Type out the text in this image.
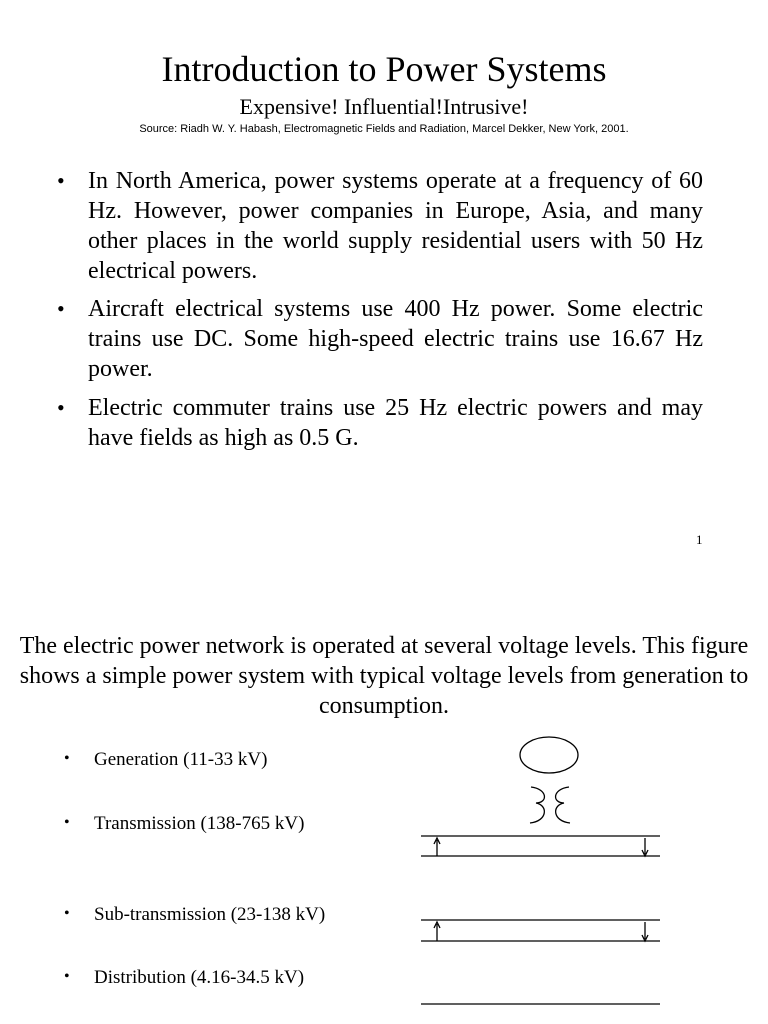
Introduction to Power Systems
Expensive! Influential!Intrusive!
Source: Riadh W. Y. Habash, Electromagnetic Fields and Radiation, Marcel Dekker, New York, 2001.
• In North America, power systems operate at a frequency of 60 Hz. However, power companies in Europe, Asia, and many other places in the world supply residential users with 50 Hz electrical powers.
• Aircraft electrical systems use 400 Hz power. Some electric trains use DC. Some high-speed electric trains use 16.67 Hz power.
• Electric commuter trains use 25 Hz electric powers and may have fields as high as 0.5 G.
1
The electric power network is operated at several voltage levels. This figure shows a simple power system with typical voltage levels from generation to consumption.
• Generation (11-33 kV)
• Transmission (138-765 kV)
• Sub-transmission (23-138 kV)
• Distribution (4.16-34.5 kV)
